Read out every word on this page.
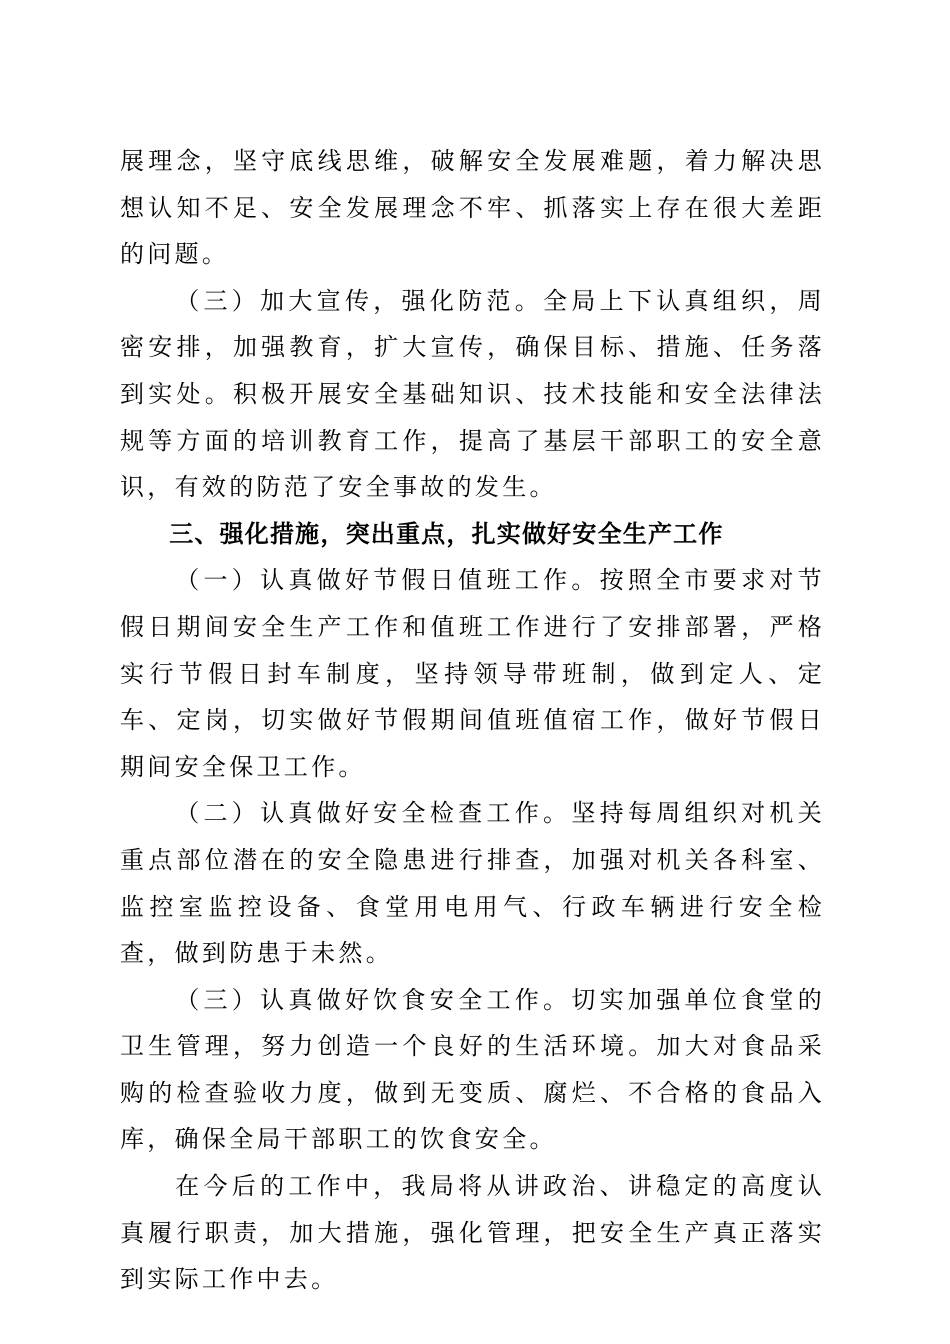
展理念，坚守底线思维，破解安全发展难题，着力解决思想认知不足、安全发展理念不牢、抓落实上存在很大差距的问题。

（三）加大宣传，强化防范。全局上下认真组织，周密安排，加强教育，扩大宣传，确保目标、措施、任务落到实处。积极开展安全基础知识、技术技能和安全法律法规等方面的培训教育工作，提高了基层干部职工的安全意识，有效的防范了安全事故的发生。

三、强化措施，突出重点，扎实做好安全生产工作

（一）认真做好节假日值班工作。按照全市要求对节假日期间安全生产工作和值班工作进行了安排部署，严格实行节假日封车制度，坚持领导带班制，做到定人、定车、定岗，切实做好节假期间值班值宿工作，做好节假日期间安全保卫工作。

（二）认真做好安全检查工作。坚持每周组织对机关重点部位潜在的安全隐患进行排查，加强对机关各科室、监控室监控设备、食堂用电用气、行政车辆进行安全检查，做到防患于未然。

（三）认真做好饮食安全工作。切实加强单位食堂的卫生管理，努力创造一个良好的生活环境。加大对食品采购的检查验收力度，做到无变质、腐烂、不合格的食品入库，确保全局干部职工的饮食安全。

在今后的工作中，我局将从讲政治、讲稳定的高度认真履行职责，加大措施，强化管理，把安全生产真正落实到实际工作中去。
